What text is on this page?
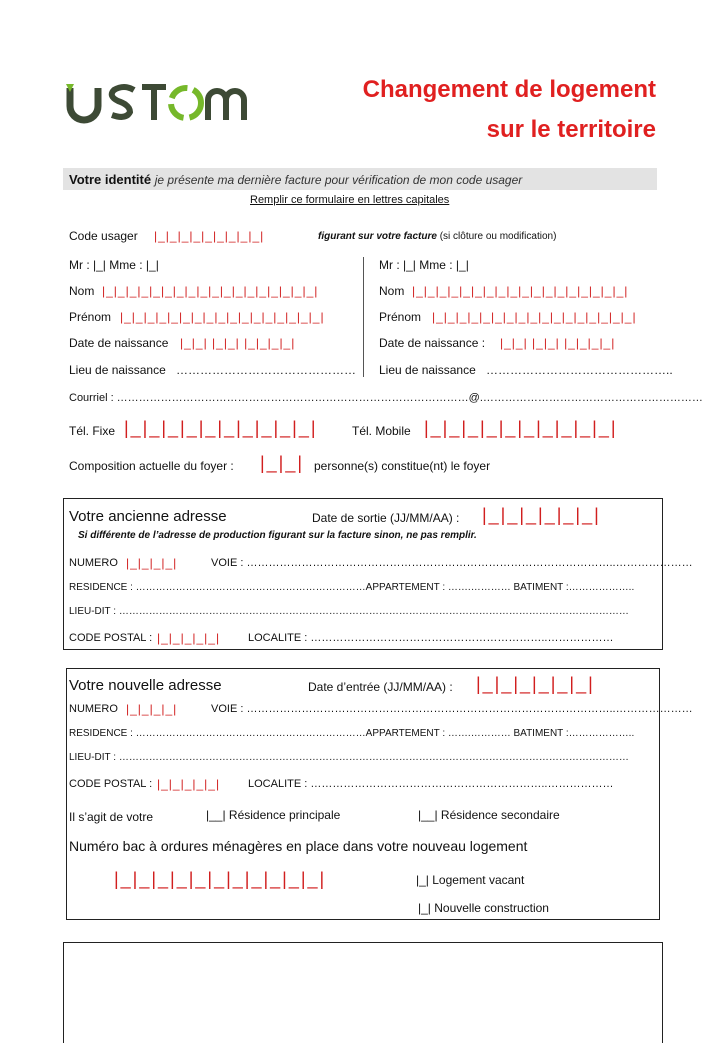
USTOM
Changement de logement
sur le territoire
Votre identité je présente ma dernière facture pour vérification de mon code usager
Remplir ce formulaire en lettres capitales
Code usager |_|_|_|_|_|_|_|_|_|	figurant sur votre facture (si clôture ou modification)
Mr : |_| Mme : |_|
Nom |_|_|_|_|_|_|_|_|_|_|_|_|_|_|_|_|_|_|
Prénom |_|_|_|_|_|_|_|_|_|_|_|_|_|_|_|_|_|
Date de naissance |_|_| |_|_| |_|_|_|_|
Lieu de naissance ………………………………………
Mr : |_| Mme : |_|
Nom |_|_|_|_|_|_|_|_|_|_|_|_|_|_|_|_|_|_|
Prénom |_|_|_|_|_|_|_|_|_|_|_|_|_|_|_|_|_|
Date de naissance : |_|_| |_|_| |_|_|_|_|
Lieu de naissance ………………………………………..
Courriel : ……………………………………………………………………………………@.……………………………………………………
Tél. Fixe |_|_|_|_|_|_|_|_|_|_|	Tél. Mobile |_|_|_|_|_|_|_|_|_|_|
Composition actuelle du foyer : |_|_| personne(s) constitue(nt) le foyer
Votre ancienne adresse	Date de sortie (JJ/MM/AA) : |_|_|_|_|_|_|
Si différente de l’adresse de production figurant sur la facture sinon, ne pas remplir.
NUMERO |_|_|_|_|	VOIE : ………………………………………………………………………………………..…………………
RESIDENCE : ……………………………………………………………APPARTEMENT : …….………… BATIMENT :………………..
LIEU-DIT : ………………………………………………………………………………………………………………………………………
CODE POSTAL : |_|_|_|_|_|	LOCALITE : ………………………………………………………..………………
Votre nouvelle adresse	Date d’entrée (JJ/MM/AA) : |_|_|_|_|_|_|
NUMERO |_|_|_|_|	VOIE : ………………………………………………………………………………………..…………………
RESIDENCE : ……………………………………………………………APPARTEMENT : …….………… BATIMENT :………………..
LIEU-DIT : ………………………………………………………………………………………………………………………………………
CODE POSTAL : |_|_|_|_|_|	LOCALITE : ………………………………………………………..………………
Il s’agit de votre	|__| Résidence principale	|__| Résidence secondaire
Numéro bac à ordures ménagères en place dans votre nouveau logement
|_|_|_|_|_|_|_|_|_|_|_|	|_| Logement vacant
|_| Nouvelle construction
